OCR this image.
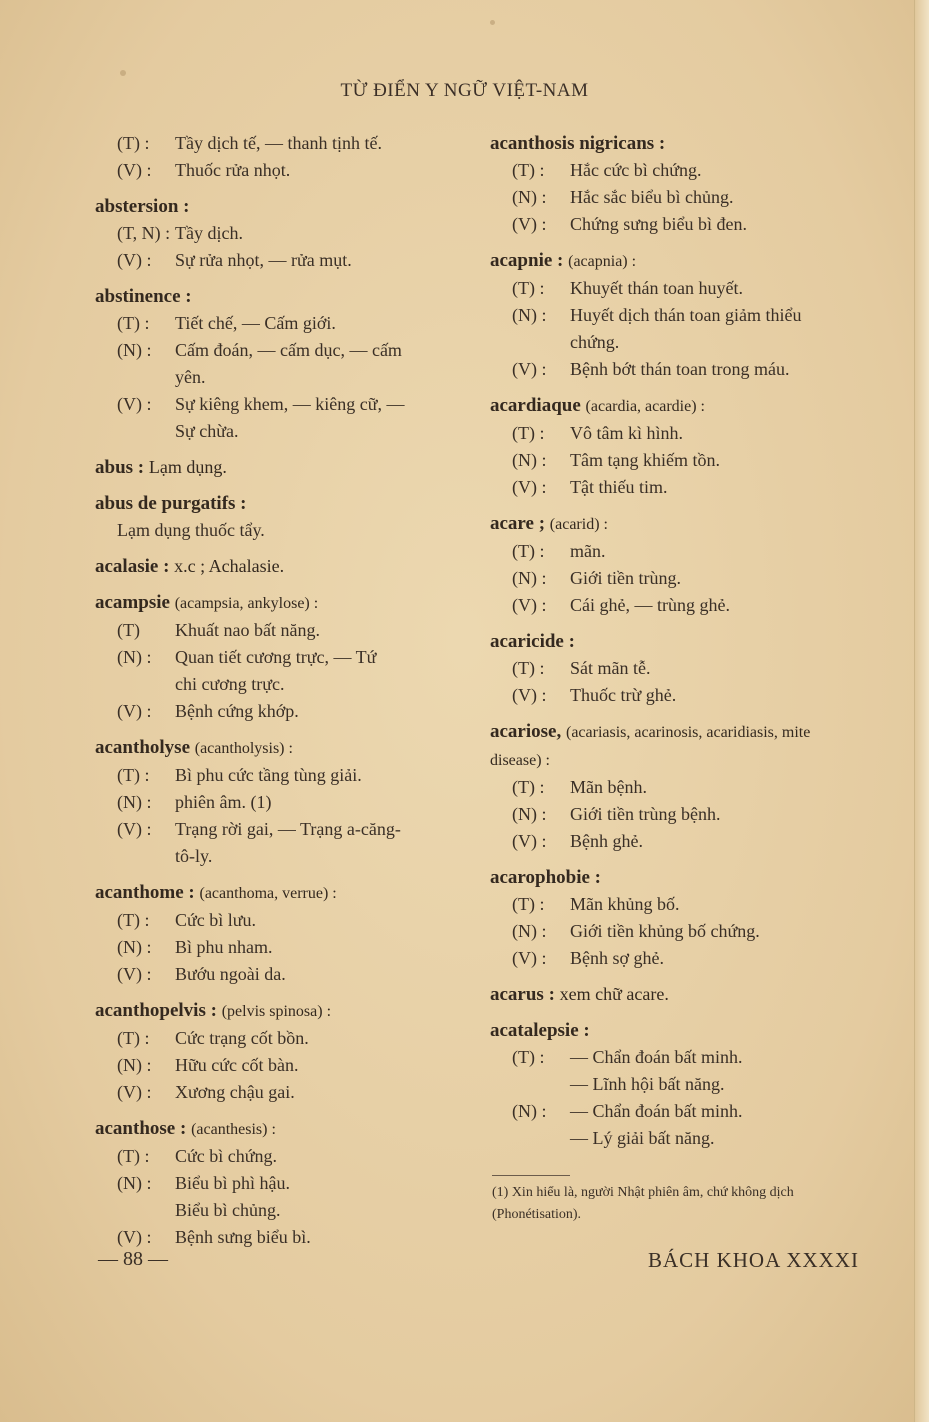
TỪ ĐIỂN Y NGỮ VIỆT-NAM
(T) : Tầy dịch tế, — thanh tịnh tế.
(V) : Thuốc rửa nhọt.
abstersion :
(T, N) : Tầy dịch.
(V) : Sự rửa nhọt, — rửa mụt.
abstinence :
(T) : Tiết chế, — Cấm giới.
(N) : Cấm đoán, — cấm dục, — cấm
yên.
(V) : Sự kiêng khem, — kiêng cữ, —
Sự chừa.
abus : Lạm dụng.
abus de purgatifs :
Lạm dụng thuốc tẩy.
acalasie : x.c ; Achalasie.
acampsie (acampsia, ankylose) :
(T) Khuất nao bất năng.
(N) : Quan tiết cương trực, — Tứ
chi cương trực.
(V) : Bệnh cứng khớp.
acantholyse (acantholysis) :
(T) : Bì phu cức tầng tùng giải.
(N) : phiên âm. (1)
(V) : Trạng rời gai, — Trạng a-căng-
tô-ly.
acanthome : (acanthoma, verrue) :
(T) : Cức bì lưu.
(N) : Bì phu nham.
(V) : Bướu ngoài da.
acanthopelvis : (pelvis spinosa) :
(T) : Cức trạng cốt bồn.
(N) : Hữu cức cốt bàn.
(V) : Xương chậu gai.
acanthose : (acanthesis) :
(T) : Cức bì chứng.
(N) : Biểu bì phì hậu.
Biểu bì chủng.
(V) : Bệnh sưng biểu bì.
acanthosis nigricans :
(T) : Hắc cức bì chứng.
(N) : Hắc sắc biểu bì chủng.
(V) : Chứng sưng biểu bì đen.
acapnie : (acapnia) :
(T) : Khuyết thán toan huyết.
(N) : Huyết dịch thán toan giảm thiểu
chứng.
(V) : Bệnh bớt thán toan trong máu.
acardiaque (acardia, acardie) :
(T) : Vô tâm kì hình.
(N) : Tâm tạng khiếm tồn.
(V) : Tật thiếu tim.
acare ; (acarid) :
(T) : mãn.
(N) : Giới tiền trùng.
(V) : Cái ghẻ, — trùng ghẻ.
acaricide :
(T) : Sát mãn tễ.
(V) : Thuốc trừ ghẻ.
acariose, (acariasis, acarinosis, acaridiasis, mite disease) :
(T) : Mãn bệnh.
(N) : Giới tiền trùng bệnh.
(V) : Bệnh ghẻ.
acarophobie :
(T) : Mãn khủng bố.
(N) : Giới tiền khủng bố chứng.
(V) : Bệnh sợ ghẻ.
acarus : xem chữ acare.
acatalepsie :
(T) : — Chẩn đoán bất minh.
— Lĩnh hội bất năng.
(N) : — Chẩn đoán bất minh.
— Lý giải bất năng.
(1) Xin hiểu là, người Nhật phiên âm, chứ không dịch (Phonétisation).
— 88 —	BÁCH KHOA XXXXI
